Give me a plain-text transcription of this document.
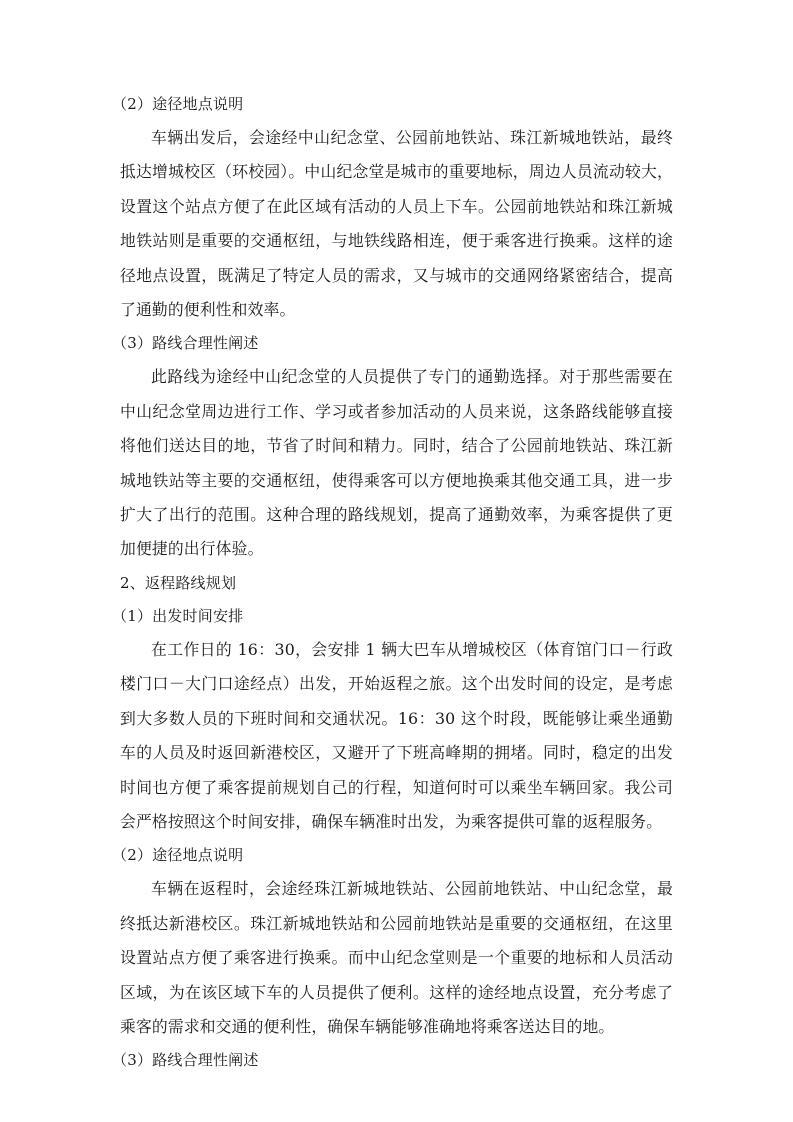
（2）途径地点说明

车辆出发后，会途经中山纪念堂、公园前地铁站、珠江新城地铁站，最终抵达增城校区（环校园）。中山纪念堂是城市的重要地标，周边人员流动较大，设置这个站点方便了在此区域有活动的人员上下车。公园前地铁站和珠江新城地铁站则是重要的交通枢纽，与地铁线路相连，便于乘客进行换乘。这样的途径地点设置，既满足了特定人员的需求，又与城市的交通网络紧密结合，提高了通勤的便利性和效率。

（3）路线合理性阐述

此路线为途经中山纪念堂的人员提供了专门的通勤选择。对于那些需要在中山纪念堂周边进行工作、学习或者参加活动的人员来说，这条路线能够直接将他们送达目的地，节省了时间和精力。同时，结合了公园前地铁站、珠江新城地铁站等主要的交通枢纽，使得乘客可以方便地换乘其他交通工具，进一步扩大了出行的范围。这种合理的路线规划，提高了通勤效率，为乘客提供了更加便捷的出行体验。

2、返程路线规划

（1）出发时间安排

在工作日的 16：30，会安排 1 辆大巴车从增城校区（体育馆门口－行政楼门口－大门口途经点）出发，开始返程之旅。这个出发时间的设定，是考虑到大多数人员的下班时间和交通状况。16：30 这个时段，既能够让乘坐通勤车的人员及时返回新港校区，又避开了下班高峰期的拥堵。同时，稳定的出发时间也方便了乘客提前规划自己的行程，知道何时可以乘坐车辆回家。我公司会严格按照这个时间安排，确保车辆准时出发，为乘客提供可靠的返程服务。

（2）途径地点说明

车辆在返程时，会途经珠江新城地铁站、公园前地铁站、中山纪念堂，最终抵达新港校区。珠江新城地铁站和公园前地铁站是重要的交通枢纽，在这里设置站点方便了乘客进行换乘。而中山纪念堂则是一个重要的地标和人员活动区域，为在该区域下车的人员提供了便利。这样的途经地点设置，充分考虑了乘客的需求和交通的便利性，确保车辆能够准确地将乘客送达目的地。

（3）路线合理性阐述
